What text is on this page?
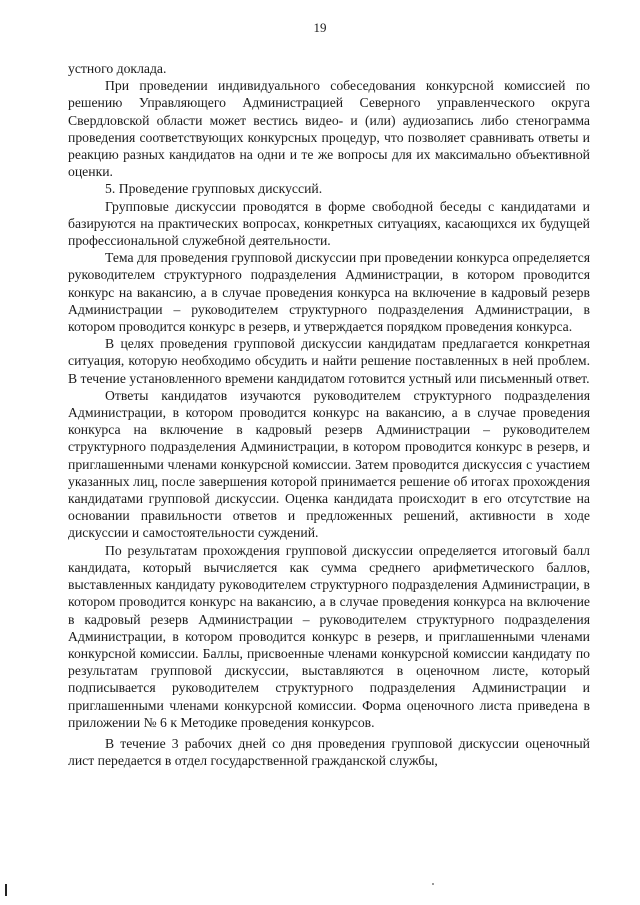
19

устного доклада.

При проведении индивидуального собеседования конкурсной комиссией по решению Управляющего Администрацией Северного управленческого округа Свердловской области может вестись видео- и (или) аудиозапись либо стенограмма проведения соответствующих конкурсных процедур, что позволяет сравнивать ответы и реакцию разных кандидатов на одни и те же вопросы для их максимально объективной оценки.

5. Проведение групповых дискуссий.

Групповые дискуссии проводятся в форме свободной беседы с кандидатами и базируются на практических вопросах, конкретных ситуациях, касающихся их будущей профессиональной служебной деятельности.

Тема для проведения групповой дискуссии при проведении конкурса определяется руководителем структурного подразделения Администрации, в котором проводится конкурс на вакансию, а в случае проведения конкурса на включение в кадровый резерв Администрации – руководителем структурного подразделения Администрации, в котором проводится конкурс в резерв, и утверждается порядком проведения конкурса.

В целях проведения групповой дискуссии кандидатам предлагается конкретная ситуация, которую необходимо обсудить и найти решение поставленных в ней проблем. В течение установленного времени кандидатом готовится устный или письменный ответ.

Ответы кандидатов изучаются руководителем структурного подразделения Администрации, в котором проводится конкурс на вакансию, а в случае проведения конкурса на включение в кадровый резерв Администрации – руководителем структурного подразделения Администрации, в котором проводится конкурс в резерв, и приглашенными членами конкурсной комиссии. Затем проводится дискуссия с участием указанных лиц, после завершения которой принимается решение об итогах прохождения кандидатами групповой дискуссии. Оценка кандидата происходит в его отсутствие на основании правильности ответов и предложенных решений, активности в ходе дискуссии и самостоятельности суждений.

По результатам прохождения групповой дискуссии определяется итоговый балл кандидата, который вычисляется как сумма среднего арифметического баллов, выставленных кандидату руководителем структурного подразделения Администрации, в котором проводится конкурс на вакансию, а в случае проведения конкурса на включение в кадровый резерв Администрации – руководителем структурного подразделения Администрации, в котором проводится конкурс в резерв, и приглашенными членами конкурсной комиссии. Баллы, присвоенные членами конкурсной комиссии кандидату по результатам групповой дискуссии, выставляются в оценочном листе, который подписывается руководителем структурного подразделения Администрации и приглашенными членами конкурсной комиссии. Форма оценочного листа приведена в приложении № 6 к Методике проведения конкурсов.

В течение 3 рабочих дней со дня проведения групповой дискуссии оценочный лист передается в отдел государственной гражданской службы,
